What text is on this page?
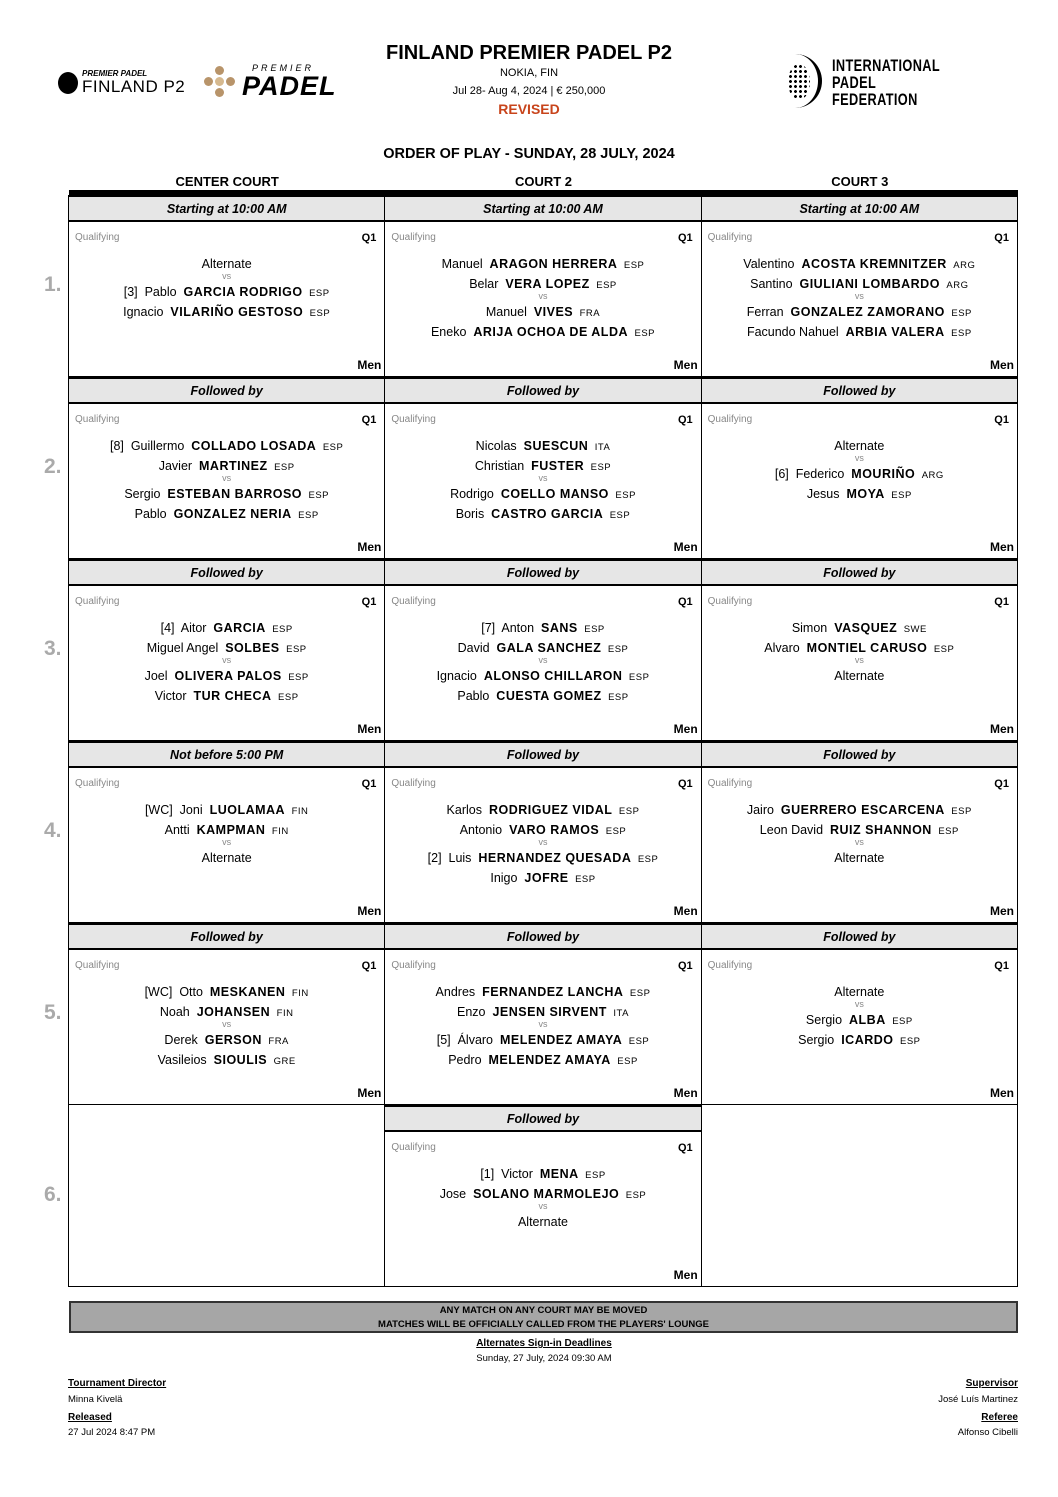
PREMIER PADEL
FINLAND P2
PREMIER
PADEL
INTERNATIONAL
PADEL
FEDERATION
FINLAND PREMIER PADEL P2
NOKIA, FIN
Jul 28- Aug 4, 2024 | € 250,000
REVISED
ORDER OF PLAY - SUNDAY, 28 JULY, 2024
CENTER COURT	COURT 2	COURT 3
1.
Starting at 10:00 AM
Qualifying	Q1
Alternate
vs
[3] Pablo GARCIA RODRIGO ESP
Ignacio VILARIÑO GESTOSO ESP
Men
Starting at 10:00 AM
Qualifying	Q1
Manuel ARAGON HERRERA ESP
Belar VERA LOPEZ ESP
vs
Manuel VIVES FRA
Eneko ARIJA OCHOA DE ALDA ESP
Men
Starting at 10:00 AM
Qualifying	Q1
Valentino ACOSTA KREMNITZER ARG
Santino GIULIANI LOMBARDO ARG
vs
Ferran GONZALEZ ZAMORANO ESP
Facundo Nahuel ARBIA VALERA ESP
Men
2.
Followed by
Qualifying	Q1
[8] Guillermo COLLADO LOSADA ESP
Javier MARTINEZ ESP
vs
Sergio ESTEBAN BARROSO ESP
Pablo GONZALEZ NERIA ESP
Men
Followed by
Qualifying	Q1
Nicolas SUESCUN ITA
Christian FUSTER ESP
vs
Rodrigo COELLO MANSO ESP
Boris CASTRO GARCIA ESP
Men
Followed by
Qualifying	Q1
Alternate
vs
[6] Federico MOURIÑO ARG
Jesus MOYA ESP
Men
3.
Followed by
Qualifying	Q1
[4] Aitor GARCIA ESP
Miguel Angel SOLBES ESP
vs
Joel OLIVERA PALOS ESP
Victor TUR CHECA ESP
Men
Followed by
Qualifying	Q1
[7] Anton SANS ESP
David GALA SANCHEZ ESP
vs
Ignacio ALONSO CHILLARON ESP
Pablo CUESTA GOMEZ ESP
Men
Followed by
Qualifying	Q1
Simon VASQUEZ SWE
Alvaro MONTIEL CARUSO ESP
vs
Alternate
Men
4.
Not before 5:00 PM
Qualifying	Q1
[WC] Joni LUOLAMAA FIN
Antti KAMPMAN FIN
vs
Alternate
Men
Followed by
Qualifying	Q1
Karlos RODRIGUEZ VIDAL ESP
Antonio VARO RAMOS ESP
vs
[2] Luis HERNANDEZ QUESADA ESP
Inigo JOFRE ESP
Men
Followed by
Qualifying	Q1
Jairo GUERRERO ESCARCENA ESP
Leon David RUIZ SHANNON ESP
vs
Alternate
Men
5.
Followed by
Qualifying	Q1
[WC] Otto MESKANEN FIN
Noah JOHANSEN FIN
vs
Derek GERSON FRA
Vasileios SIOULIS GRE
Men
Followed by
Qualifying	Q1
Andres FERNANDEZ LANCHA ESP
Enzo JENSEN SIRVENT ITA
vs
[5] Álvaro MELENDEZ AMAYA ESP
Pedro MELENDEZ AMAYA ESP
Men
Followed by
Qualifying	Q1
Alternate
vs
Sergio ALBA ESP
Sergio ICARDO ESP
Men
6.
Followed by
Qualifying	Q1
[1] Victor MENA ESP
Jose SOLANO MARMOLEJO ESP
vs
Alternate
Men
ANY MATCH ON ANY COURT MAY BE MOVED
MATCHES WILL BE OFFICIALLY CALLED FROM THE PLAYERS' LOUNGE
Alternates Sign-in Deadlines
Sunday, 27 July, 2024 09:30 AM
Tournament Director
Minna Kivelä
Released
27 Jul 2024 8:47 PM
Supervisor
José Luís Martinez
Referee
Alfonso Cibelli
